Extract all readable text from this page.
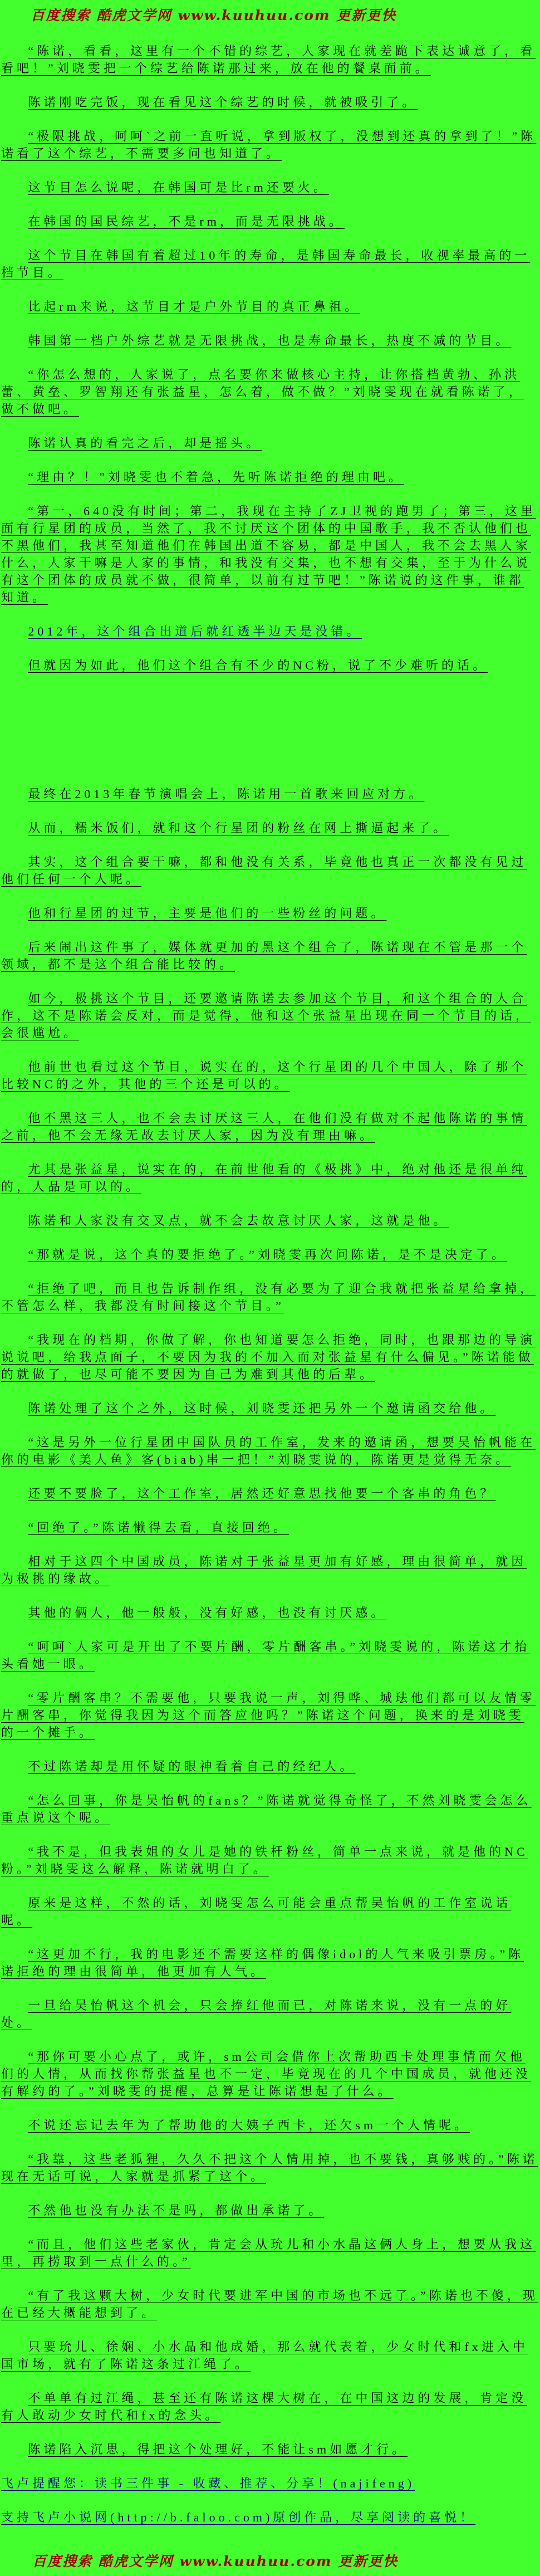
百度搜索 酷虎文学网 www.kuuhuu.com 更新更快

“陈诺，看看，这里有一个不错的综艺，人家现在就差跪下表达诚意了，看看吧！”刘晓雯把一个综艺给陈诺那过来，放在他的餐桌面前。

陈诺刚吃完饭，现在看见这个综艺的时候，就被吸引了。

“极限挑战，呵呵`之前一直听说，拿到版权了，没想到还真的拿到了！”陈诺看了这个综艺，不需要多问也知道了。

这节目怎么说呢，在韩国可是比rm还要火。

在韩国的国民综艺，不是rm，而是无限挑战。

这个节目在韩国有着超过10年的寿命，是韩国寿命最长，收视率最高的一档节目。

比起rm来说，这节目才是户外节目的真正鼻祖。

韩国第一档户外综艺就是无限挑战，也是寿命最长，热度不减的节目。

“你怎么想的，人家说了，点名要你来做核心主持，让你搭档黄勃、孙洪蕾、黄垒、罗智翔还有张益星，怎么着，做不做？”刘晓雯现在就看陈诺了，做不做吧。

陈诺认真的看完之后，却是摇头。

“理由？！”刘晓雯也不着急，先听陈诺拒绝的理由吧。

“第一，640没有时间；第二，我现在主持了ZJ卫视的跑男了；第三，这里面有行星团的成员，当然了，我不讨厌这个团体的中国歌手，我不否认他们也不黑他们，我甚至知道他们在韩国出道不容易，都是中国人，我不会去黑人家什么，人家干嘛是人家的事情，和我没有交集，也不想有交集，至于为什么说有这个团体的成员就不做，很简单，以前有过节吧！”陈诺说的这件事，谁都知道。

2012年，这个组合出道后就红透半边天是没错。

但就因为如此，他们这个组合有不少的NC粉，说了不少难听的话。

最终在2013年春节演唱会上，陈诺用一首歌来回应对方。

从而，糯米饭们，就和这个行星团的粉丝在网上撕逼起来了。

其实，这个组合要干嘛，都和他没有关系，毕竟他也真正一次都没有见过他们任何一个人呢。

他和行星团的过节，主要是他们的一些粉丝的问题。

后来闹出这件事了，媒体就更加的黑这个组合了，陈诺现在不管是那一个领域，都不是这个组合能比较的。

如今，极挑这个节目，还要邀请陈诺去参加这个节目，和这个组合的人合作，这不是陈诺会反对，而是觉得，他和这个张益星出现在同一个节目的话，会很尴尬。

他前世也看过这个节目，说实在的，这个行星团的几个中国人，除了那个比较NC的之外，其他的三个还是可以的。

他不黑这三人，也不会去讨厌这三人，在他们没有做对不起他陈诺的事情之前，他不会无缘无故去讨厌人家，因为没有理由嘛。

尤其是张益星，说实在的，在前世他看的《极挑》中，绝对他还是很单纯的，人品是可以的。

陈诺和人家没有交叉点，就不会去故意讨厌人家，这就是他。

“那就是说，这个真的要拒绝了。”刘晓雯再次问陈诺，是不是决定了。

“拒绝了吧，而且也告诉制作组，没有必要为了迎合我就把张益星给拿掉，不管怎么样，我都没有时间接这个节目。”

“我现在的档期，你做了解，你也知道要怎么拒绝，同时，也跟那边的导演说说吧，给我点面子，不要因为我的不加入而对张益星有什么偏见。”陈诺能做的就做了，也尽可能不要因为自己为难到其他的后辈。

陈诺处理了这个之外，这时候，刘晓雯还把另外一个邀请函交给他。

“这是另外一位行星团中国队员的工作室，发来的邀请函，想要吴怡帆能在你的电影《美人鱼》客(biab)串一把！”刘晓雯说的，陈诺更是觉得无奈。

还要不要脸了，这个工作室，居然还好意思找他要一个客串的角色？

“回绝了。”陈诺懒得去看，直接回绝。

相对于这四个中国成员，陈诺对于张益星更加有好感，理由很简单，就因为极挑的缘故。

其他的俩人，他一般般，没有好感，也没有讨厌感。

“呵呵`人家可是开出了不要片酬，零片酬客串。”刘晓雯说的，陈诺这才抬头看她一眼。

“零片酬客串？不需要他，只要我说一声，刘得哗、城珐他们都可以友情零片酬客串，你觉得我因为这个而答应他吗？”陈诺这个问题，换来的是刘晓雯的一个摊手。

不过陈诺却是用怀疑的眼神看着自己的经纪人。

“怎么回事，你是吴怡帆的fans？”陈诺就觉得奇怪了，不然刘晓雯会怎么重点说这个呢。

“我不是，但我表姐的女儿是她的铁杆粉丝，简单一点来说，就是他的NC粉。”刘晓雯这么解释，陈诺就明白了。

原来是这样，不然的话，刘晓雯怎么可能会重点帮吴怡帆的工作室说话呢。

“这更加不行，我的电影还不需要这样的偶像idol的人气来吸引票房。”陈诺拒绝的理由很简单，他更加有人气。

一旦给吴怡帆这个机会，只会捧红他而已，对陈诺来说，没有一点的好处。

“那你可要小心点了，或许，sm公司会借你上次帮助西卡处理事情而欠他们的人情，从而找你帮张益星也不一定，毕竟现在的几个中国成员，就他还没有解约的了。”刘晓雯的提醒，总算是让陈诺想起了什么。

不说还忘记去年为了帮助他的大姨子西卡，还欠sm一个人情呢。

“我靠，这些老狐狸，久久不把这个人情用掉，也不要钱，真够贱的。”陈诺现在无话可说，人家就是抓紧了这个。

不然他也没有办法不是吗，都做出承诺了。

“而且，他们这些老家伙，肯定会从玧儿和小水晶这俩人身上，想要从我这里，再捞取到一点什么的。”

“有了我这颗大树，少女时代要进军中国的市场也不远了。”陈诺也不傻，现在已经大概能想到了。

只要玧儿、徐娴、小水晶和他成婚，那么就代表着，少女时代和fx进入中国市场，就有了陈诺这条过江绳了。

不单单有过江绳，甚至还有陈诺这棵大树在，在中国这边的发展，肯定没有人敢动少女时代和fx的念头。

陈诺陷入沉思，得把这个处理好，不能让sm如愿才行。

飞卢提醒您：读书三件事 - 收藏、推荐、分享！(najifeng)

支持飞卢小说网(http://b.faloo.com)原创作品，尽享阅读的喜悦！

百度搜索 酷虎文学网 www.kuuhuu.com 更新更快
